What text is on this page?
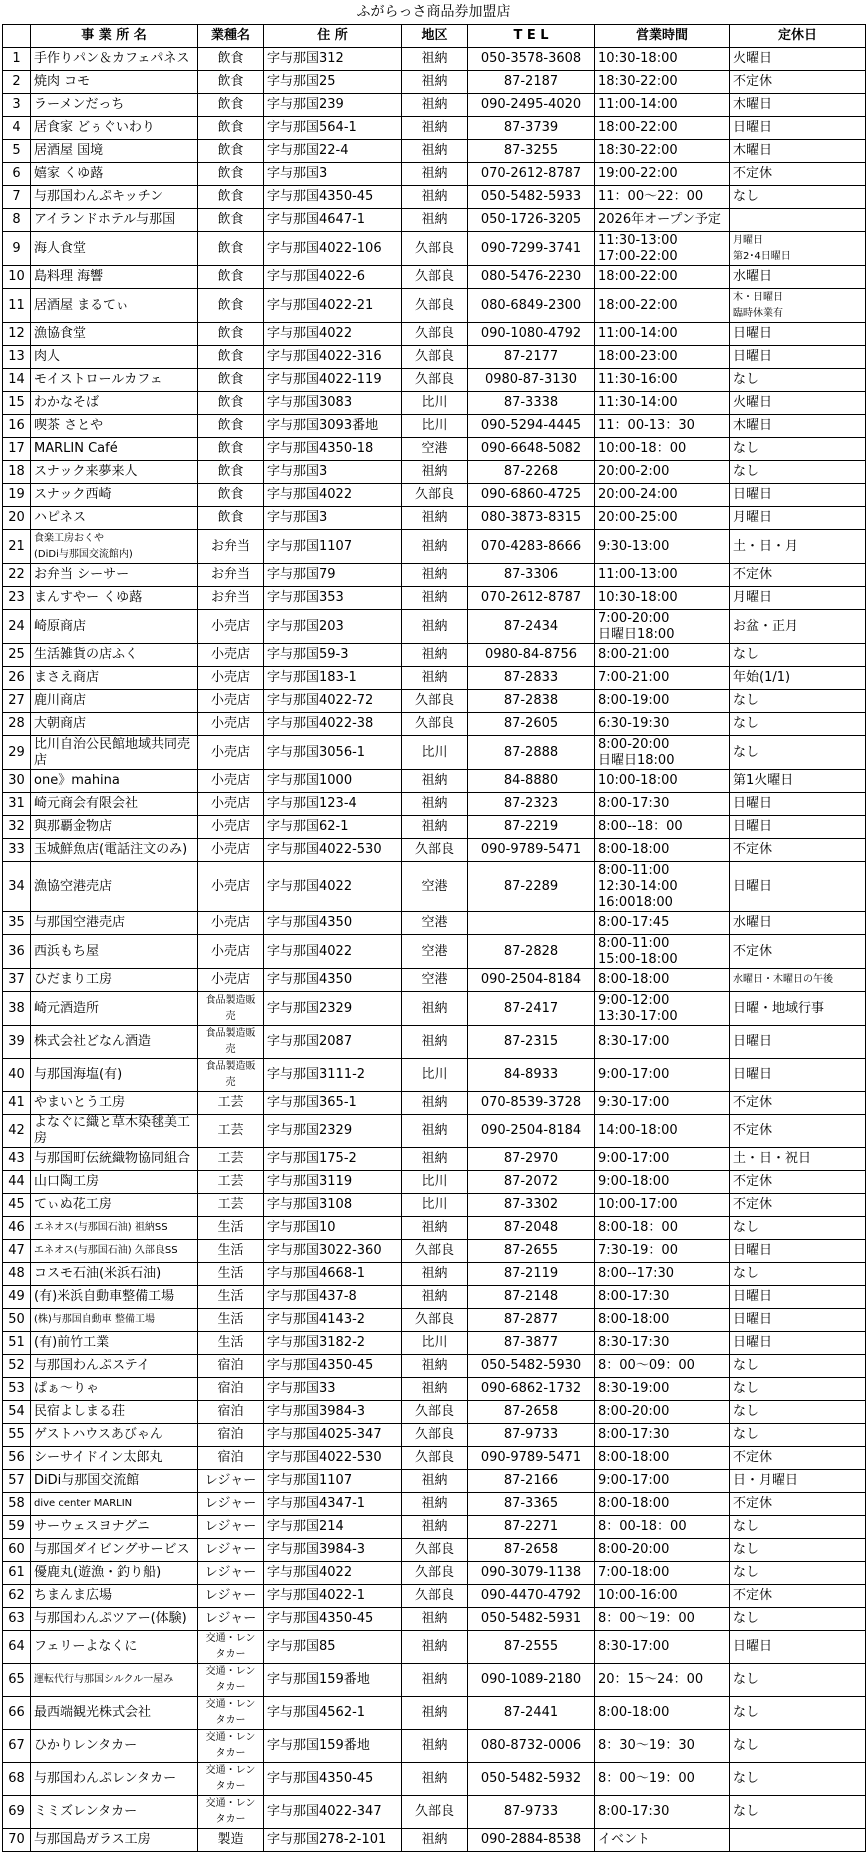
ふがらっさ商品券加盟店
	事 業 所 名	業種名	住 所	地区	T E L	営業時間	定休日
1	手作りパン＆カフェパネス	飲食	字与那国312	祖納	050-3578-3608	10:30-18:00	火曜日
2	焼肉 コモ	飲食	字与那国25	祖納	87-2187	18:30-22:00	不定休
3	ラーメンだっち	飲食	字与那国239	祖納	090-2495-4020	11:00-14:00	木曜日
4	居食家 どぅぐいわり	飲食	字与那国564-1	祖納	87-3739	18:00-22:00	日曜日
5	居酒屋 国境	飲食	字与那国22-4	祖納	87-3255	18:30-22:00	木曜日
6	嬉家 くゆ蕗	飲食	字与那国3	祖納	070-2612-8787	19:00-22:00	不定休
7	与那国わんぷキッチン	飲食	字与那国4350-45	祖納	050-5482-5933	11：00～22：00	なし
8	アイランドホテル与那国	飲食	字与那国4647-1	祖納	050-1726-3205	2026年オープン予定	
9	海人食堂	飲食	字与那国4022-106	久部良	090-7299-3741	11:30-13:00
17:00-22:00	月曜日
第2･4日曜日
10	島料理 海響	飲食	字与那国4022-6	久部良	080-5476-2230	18:00-22:00	水曜日
11	居酒屋 まるてぃ	飲食	字与那国4022-21	久部良	080-6849-2300	18:00-22:00	木・日曜日
臨時休業有
12	漁協食堂	飲食	字与那国4022	久部良	090-1080-4792	11:00-14:00	日曜日
13	肉人	飲食	字与那国4022-316	久部良	87-2177	18:00-23:00	日曜日
14	モイストロールカフェ	飲食	字与那国4022-119	久部良	0980-87-3130	11:30-16:00	なし
15	わかなそば	飲食	字与那国3083	比川	87-3338	11:30-14:00	火曜日
16	喫茶 さとや	飲食	字与那国3093番地	比川	090-5294-4445	11：00-13：30	木曜日
17	MARLIN Café	飲食	字与那国4350-18	空港	090-6648-5082	10:00-18：00	なし
18	スナック来夢来人	飲食	字与那国3	祖納	87-2268	20:00-2:00	なし
19	スナック西崎	飲食	字与那国4022	久部良	090-6860-4725	20:00-24:00	日曜日
20	ハピネス	飲食	字与那国3	祖納	080-3873-8315	20:00-25:00	月曜日
21	食楽工房おくや
(DiDi与那国交流館内)	お弁当	字与那国1107	祖納	070-4283-8666	9:30-13:00	土・日・月
22	お弁当 シーサー	お弁当	字与那国79	祖納	87-3306	11:00-13:00	不定休
23	まんすやー くゆ蕗	お弁当	字与那国353	祖納	070-2612-8787	10:30-18:00	月曜日
24	崎原商店	小売店	字与那国203	祖納	87-2434	7:00-20:00
日曜日18:00	お盆・正月
25	生活雑貨の店ふく	小売店	字与那国59-3	祖納	0980-84-8756	8:00-21:00	なし
26	まさえ商店	小売店	字与那国183-1	祖納	87-2833	7:00-21:00	年始(1/1)
27	鹿川商店	小売店	字与那国4022-72	久部良	87-2838	8:00-19:00	なし
28	大朝商店	小売店	字与那国4022-38	久部良	87-2605	6:30-19:30	なし
29	比川自治公民館地域共同売店	小売店	字与那国3056-1	比川	87-2888	8:00-20:00
日曜日18:00	なし
30	one》mahina	小売店	字与那国1000	祖納	84-8880	10:00-18:00	第1火曜日
31	崎元商会有限会社	小売店	字与那国123-4	祖納	87-2323	8:00-17:30	日曜日
32	與那覇金物店	小売店	字与那国62-1	祖納	87-2219	8:00--18：00	日曜日
33	玉城鮮魚店(電話注文のみ)	小売店	字与那国4022-530	久部良	090-9789-5471	8:00-18:00	不定休
34	漁協空港売店	小売店	字与那国4022	空港	87-2289	8:00-11:00
12:30-14:00
16:0018:00	日曜日
35	与那国空港売店	小売店	字与那国4350	空港		8:00-17:45	水曜日
36	西浜もち屋	小売店	字与那国4022	空港	87-2828	8:00-11:00
15:00-18:00	不定休
37	ひだまり工房	小売店	字与那国4350	空港	090-2504-8184	8:00-18:00	水曜日・木曜日の午後
38	崎元酒造所	食品製造販売	字与那国2329	祖納	87-2417	9:00-12:00
13:30-17:00	日曜・地域行事
39	株式会社どなん酒造	食品製造販売	字与那国2087	祖納	87-2315	8:30-17:00	日曜日
40	与那国海塩(有)	食品製造販売	字与那国3111-2	比川	84-8933	9:00-17:00	日曜日
41	やまいとう工房	工芸	字与那国365-1	祖納	070-8539-3728	9:30-17:00	不定休
42	よなぐに織と草木染毬美工房	工芸	字与那国2329	祖納	090-2504-8184	14:00-18:00	不定休
43	与那国町伝統織物協同組合	工芸	字与那国175-2	祖納	87-2970	9:00-17:00	土・日・祝日
44	山口陶工房	工芸	字与那国3119	比川	87-2072	9:00-18:00	不定休
45	てぃぬ花工房	工芸	字与那国3108	比川	87-3302	10:00-17:00	不定休
46	エネオス(与那国石油) 祖納SS	生活	字与那国10	祖納	87-2048	8:00-18：00	なし
47	エネオス(与那国石油) 久部良SS	生活	字与那国3022-360	久部良	87-2655	7:30-19：00	日曜日
48	コスモ石油(米浜石油)	生活	字与那国4668-1	祖納	87-2119	8:00--17:30	なし
49	(有)米浜自動車整備工場	生活	字与那国437-8	祖納	87-2148	8:00-17:30	日曜日
50	(株)与那国自動車 整備工場	生活	字与那国4143-2	久部良	87-2877	8:00-18:00	日曜日
51	(有)前竹工業	生活	字与那国3182-2	比川	87-3877	8:30-17:30	日曜日
52	与那国わんぷステイ	宿泊	字与那国4350-45	祖納	050-5482-5930	8：00～09：00	なし
53	ぱぁ～りゃ	宿泊	字与那国33	祖納	090-6862-1732	8:30-19:00	なし
54	民宿よしまる荘	宿泊	字与那国3984-3	久部良	87-2658	8:00-20:00	なし
55	ゲストハウスあびゃん	宿泊	字与那国4025-347	久部良	87-9733	8:00-17:30	なし
56	シーサイドイン太郎丸	宿泊	字与那国4022-530	久部良	090-9789-5471	8:00-18:00	不定休
57	DiDi与那国交流館	レジャー	字与那国1107	祖納	87-2166	9:00-17:00	日・月曜日
58	dive center MARLIN	レジャー	字与那国4347-1	祖納	87-3365	8:00-18:00	不定休
59	サーウェスヨナグニ	レジャー	字与那国214	祖納	87-2271	8：00-18：00	なし
60	与那国ダイビングサービス	レジャー	字与那国3984-3	久部良	87-2658	8:00-20:00	なし
61	優鹿丸(遊漁・釣り船)	レジャー	字与那国4022	久部良	090-3079-1138	7:00-18:00	なし
62	ちまんま広場	レジャー	字与那国4022-1	久部良	090-4470-4792	10:00-16:00	不定休
63	与那国わんぷツアー(体験)	レジャー	字与那国4350-45	祖納	050-5482-5931	8：00～19：00	なし
64	フェリーよなくに	交通・レンタカー	字与那国85	祖納	87-2555	8:30-17:00	日曜日
65	運転代行与那国シルクル一屋み	交通・レンタカー	字与那国159番地	祖納	090-1089-2180	20：15～24：00	なし
66	最西端観光株式会社	交通・レンタカー	字与那国4562-1	祖納	87-2441	8:00-18:00	なし
67	ひかりレンタカー	交通・レンタカー	字与那国159番地	祖納	080-8732-0006	8：30～19：30	なし
68	与那国わんぷレンタカー	交通・レンタカー	字与那国4350-45	祖納	050-5482-5932	8：00～19：00	なし
69	ミミズレンタカー	交通・レンタカー	字与那国4022-347	久部良	87-9733	8:00-17:30	なし
70	与那国島ガラス工房	製造	字与那国278-2-101	祖納	090-2884-8538	イベント	
